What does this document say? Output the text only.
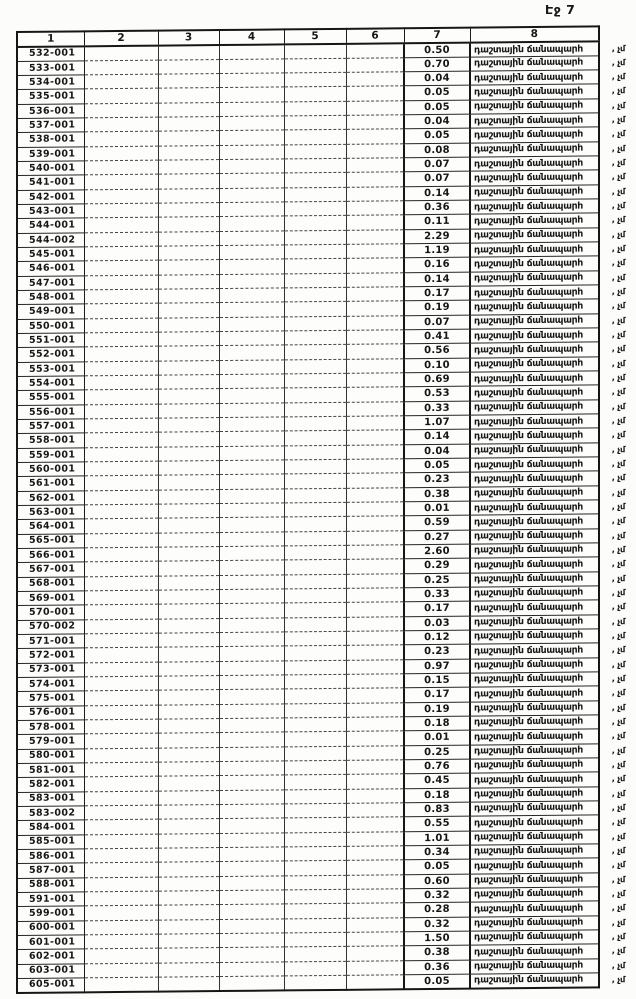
Էջ 7
1	2	3	4	5	6	7	8
532-001						0.50	դաշտային ճանապարհ , չմ

533-001						0.70	դաշտային ճանապարհ , չմ

534-001						0.04	դաշտային ճանապարհ , չմ

535-001						0.05	դաշտային ճանապարհ , չմ

536-001						0.05	դաշտային ճանապարհ , չմ

537-001						0.04	դաշտային ճանապարհ , չմ

538-001						0.05	դաշտային ճանապարհ , չմ

539-001						0.08	դաշտային ճանապարհ , չմ

540-001						0.07	դաշտային ճանապարհ , չմ

541-001						0.07	դաշտային ճանապարհ , չմ

542-001						0.14	դաշտային ճանապարհ , չմ

543-001						0.36	դաշտային ճանապարհ , չմ

544-001						0.11	դաշտային ճանապարհ , չմ

544-002						2.29	դաշտային ճանապարհ , չմ

545-001						1.19	դաշտային ճանապարհ , չմ

546-001						0.16	դաշտային ճանապարհ , չմ

547-001						0.14	դաշտային ճանապարհ , չմ

548-001						0.17	դաշտային ճանապարհ , չմ

549-001						0.19	դաշտային ճանապարհ , չմ

550-001						0.07	դաշտային ճանապարհ , չմ

551-001						0.41	դաշտային ճանապարհ , չմ

552-001						0.56	դաշտային ճանապարհ , չմ

553-001						0.10	դաշտային ճանապարհ , չմ

554-001						0.69	դաշտային ճանապարհ , չմ

555-001						0.53	դաշտային ճանապարհ , չմ

556-001						0.33	դաշտային ճանապարհ , չմ

557-001						1.07	դաշտային ճանապարհ , չմ

558-001						0.14	դաշտային ճանապարհ , չմ

559-001						0.04	դաշտային ճանապարհ , չմ

560-001						0.05	դաշտային ճանապարհ , չմ

561-001						0.23	դաշտային ճանապարհ , չմ

562-001						0.38	դաշտային ճանապարհ , չմ

563-001						0.01	դաշտային ճանապարհ , չմ

564-001						0.59	դաշտային ճանապարհ , չմ

565-001						0.27	դաշտային ճանապարհ , չմ

566-001						2.60	դաշտային ճանապարհ , չմ

567-001						0.29	դաշտային ճանապարհ , չմ

568-001						0.25	դաշտային ճանապարհ , չմ

569-001						0.33	դաշտային ճանապարհ , չմ

570-001						0.17	դաշտային ճանապարհ , չմ

570-002						0.03	դաշտային ճանապարհ , չմ

571-001						0.12	դաշտային ճանապարհ , չմ

572-001						0.23	դաշտային ճանապարհ , չմ

573-001						0.97	դաշտային ճանապարհ , չմ

574-001						0.15	դաշտային ճանապարհ , չմ

575-001						0.17	դաշտային ճանապարհ , չմ

576-001						0.19	դաշտային ճանապարհ , չմ

578-001						0.18	դաշտային ճանապարհ , չմ

579-001						0.01	դաշտային ճանապարհ , չմ

580-001						0.25	դաշտային ճանապարհ , չմ

581-001						0.76	դաշտային ճանապարհ , չմ

582-001						0.45	դաշտային ճանապարհ , չմ

583-001						0.18	դաշտային ճանապարհ , չմ

583-002						0.83	դաշտային ճանապարհ , չմ

584-001						0.55	դաշտային ճանապարհ , չմ

585-001						1.01	դաշտային ճանապարհ , չմ

586-001						0.34	դաշտային ճանապարհ , չմ

587-001						0.05	դաշտային ճանապարհ , չմ

588-001						0.60	դաշտային ճանապարհ , չմ

591-001						0.32	դաշտային ճանապարհ , չմ

599-001						0.28	դաշտային ճանապարհ , չմ

600-001						0.32	դաշտային ճանապարհ , չմ

601-001						1.50	դաշտային ճանապարհ , չմ

602-001						0.38	դաշտային ճանապարհ , չմ

603-001						0.36	դաշտային ճանապարհ , չմ

605-001						0.05	դաշտային ճանապարհ , չմ
